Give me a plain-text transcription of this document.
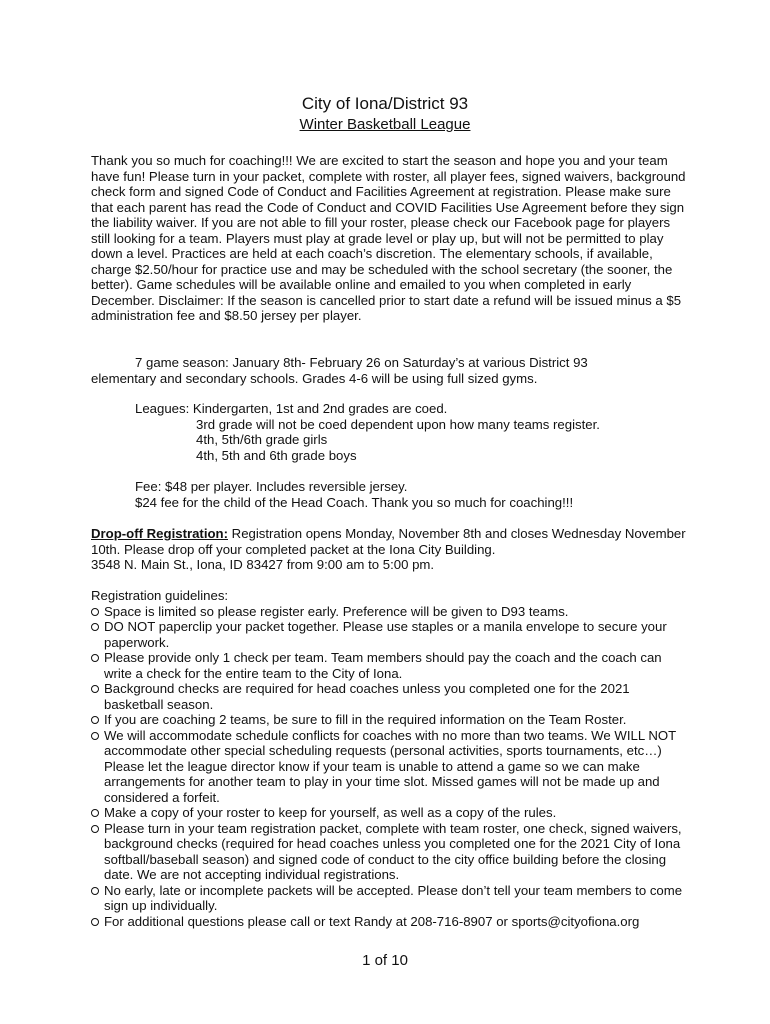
City of Iona/District 93
Winter Basketball League
Thank you so much for coaching!!! We are excited to start the season and hope you and your team have fun! Please turn in your packet, complete with roster, all player fees, signed waivers, background check form and signed Code of Conduct and Facilities Agreement at registration. Please make sure that each parent has read the Code of Conduct and COVID Facilities Use Agreement before they sign the liability waiver. If you are not able to fill your roster, please check our Facebook page for players still looking for a team. Players must play at grade level or play up, but will not be permitted to play down a level. Practices are held at each coach’s discretion. The elementary schools, if available, charge $2.50/hour for practice use and may be scheduled with the school secretary (the sooner, the better). Game schedules will be available online and emailed to you when completed in early December. Disclaimer: If the season is cancelled prior to start date a refund will be issued minus a $5 administration fee and $8.50 jersey per player.
7 game season: January 8th- February 26 on Saturday’s at various District 93
elementary and secondary schools. Grades 4-6 will be using full sized gyms.
Leagues: Kindergarten, 1st and 2nd grades are coed.
3rd grade will not be coed dependent upon how many teams register.
4th, 5th/6th grade girls
4th, 5th and 6th grade boys
Fee: $48 per player. Includes reversible jersey.
$24 fee for the child of the Head Coach. Thank you so much for coaching!!!
Drop-off Registration: Registration opens Monday, November 8th and closes Wednesday November 10th. Please drop off your completed packet at the Iona City Building.
3548 N. Main St., Iona, ID 83427 from 9:00 am to 5:00 pm.
Registration guidelines:
Space is limited so please register early. Preference will be given to D93 teams.
DO NOT paperclip your packet together. Please use staples or a manila envelope to secure your paperwork.
Please provide only 1 check per team. Team members should pay the coach and the coach can write a check for the entire team to the City of Iona.
Background checks are required for head coaches unless you completed one for the 2021 basketball season.
If you are coaching 2 teams, be sure to fill in the required information on the Team Roster.
We will accommodate schedule conflicts for coaches with no more than two teams. We WILL NOT accommodate other special scheduling requests (personal activities, sports tournaments, etc…) Please let the league director know if your team is unable to attend a game so we can make arrangements for another team to play in your time slot. Missed games will not be made up and considered a forfeit.
Make a copy of your roster to keep for yourself, as well as a copy of the rules.
Please turn in your team registration packet, complete with team roster, one check, signed waivers, background checks (required for head coaches unless you completed one for the 2021 City of Iona softball/baseball season) and signed code of conduct to the city office building before the closing date. We are not accepting individual registrations.
No early, late or incomplete packets will be accepted. Please don’t tell your team members to come sign up individually.
For additional questions please call or text Randy at 208-716-8907 or sports@cityofiona.org
1 of 10
